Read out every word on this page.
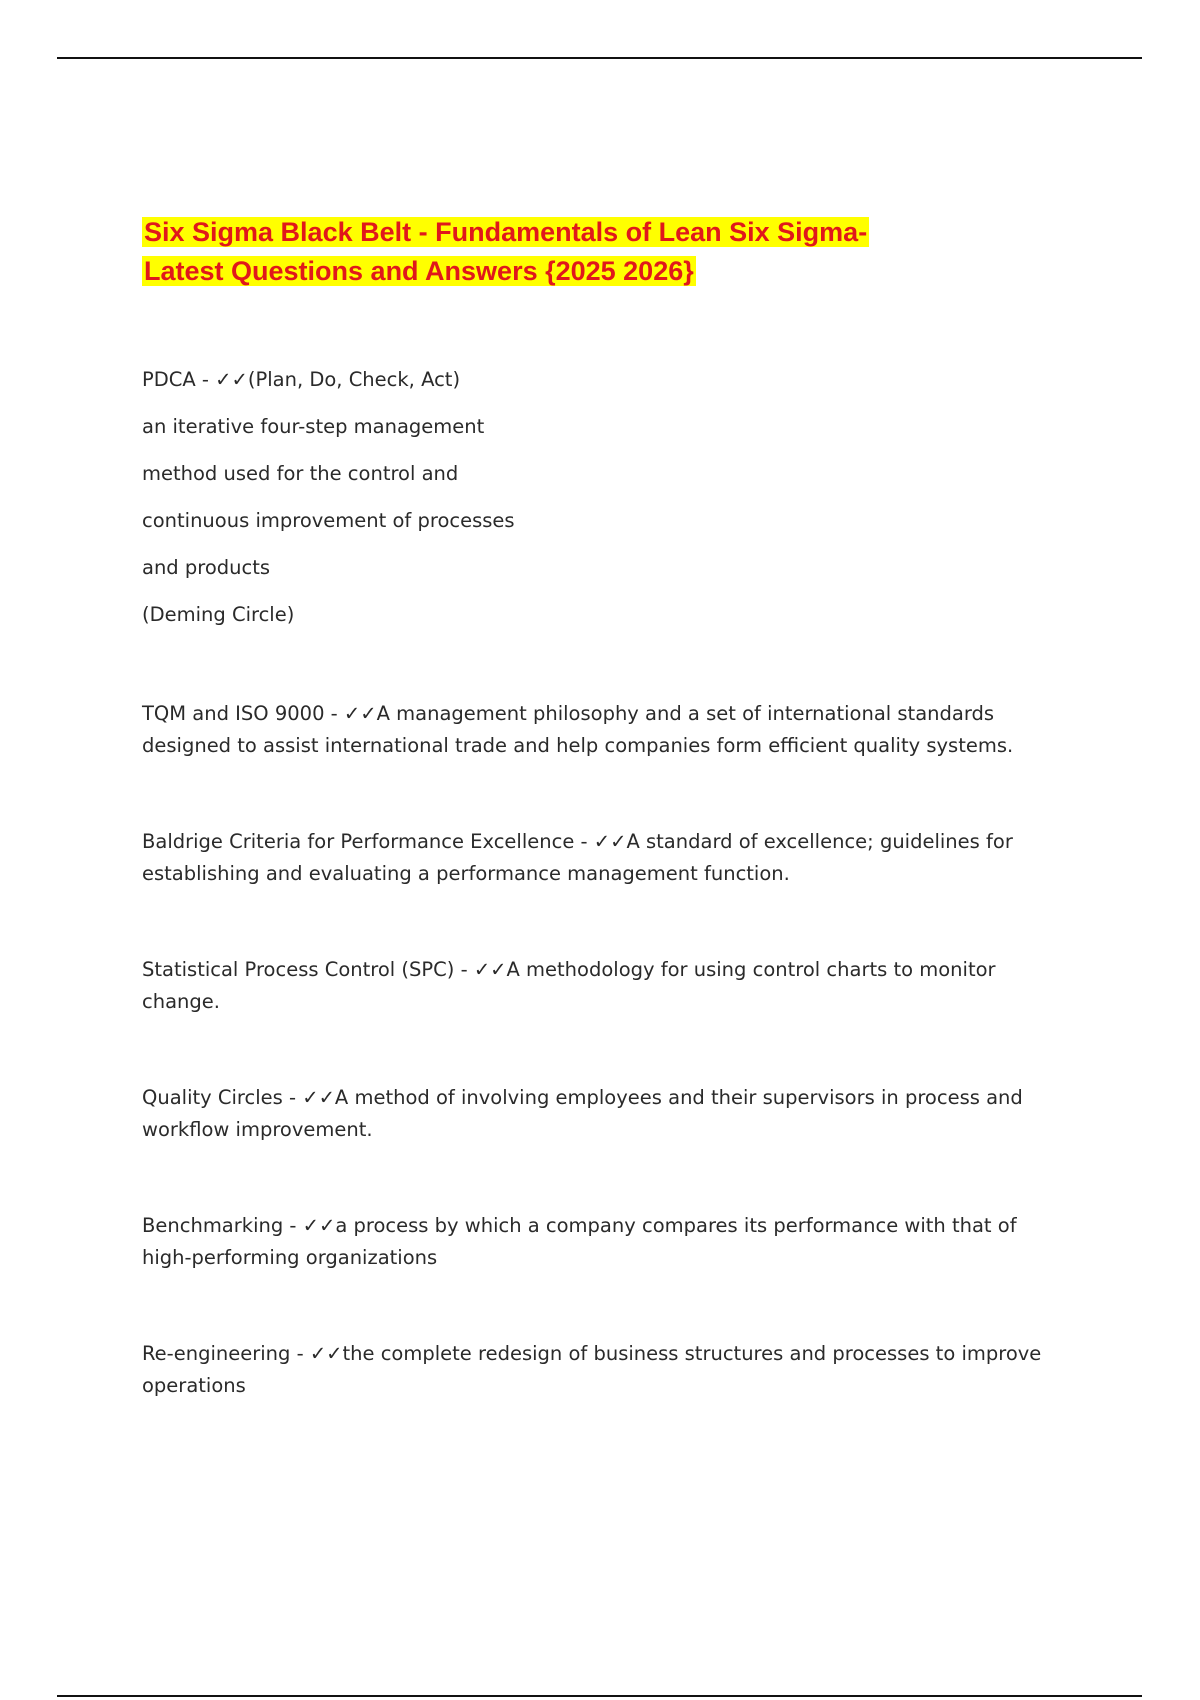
Six Sigma Black Belt - Fundamentals of Lean Six Sigma-
Latest Questions and Answers {2025 2026}

PDCA - ✓✓(Plan, Do, Check, Act)

an iterative four-step management

method used for the control and

continuous improvement of processes

and products

(Deming Circle)

TQM and ISO 9000 - ✓✓A management philosophy and a set of international standards designed to assist international trade and help companies form efficient quality systems.

Baldrige Criteria for Performance Excellence - ✓✓A standard of excellence; guidelines for establishing and evaluating a performance management function.

Statistical Process Control (SPC) - ✓✓A methodology for using control charts to monitor change.

Quality Circles - ✓✓A method of involving employees and their supervisors in process and workflow improvement.

Benchmarking - ✓✓a process by which a company compares its performance with that of high-performing organizations

Re-engineering - ✓✓the complete redesign of business structures and processes to improve operations
